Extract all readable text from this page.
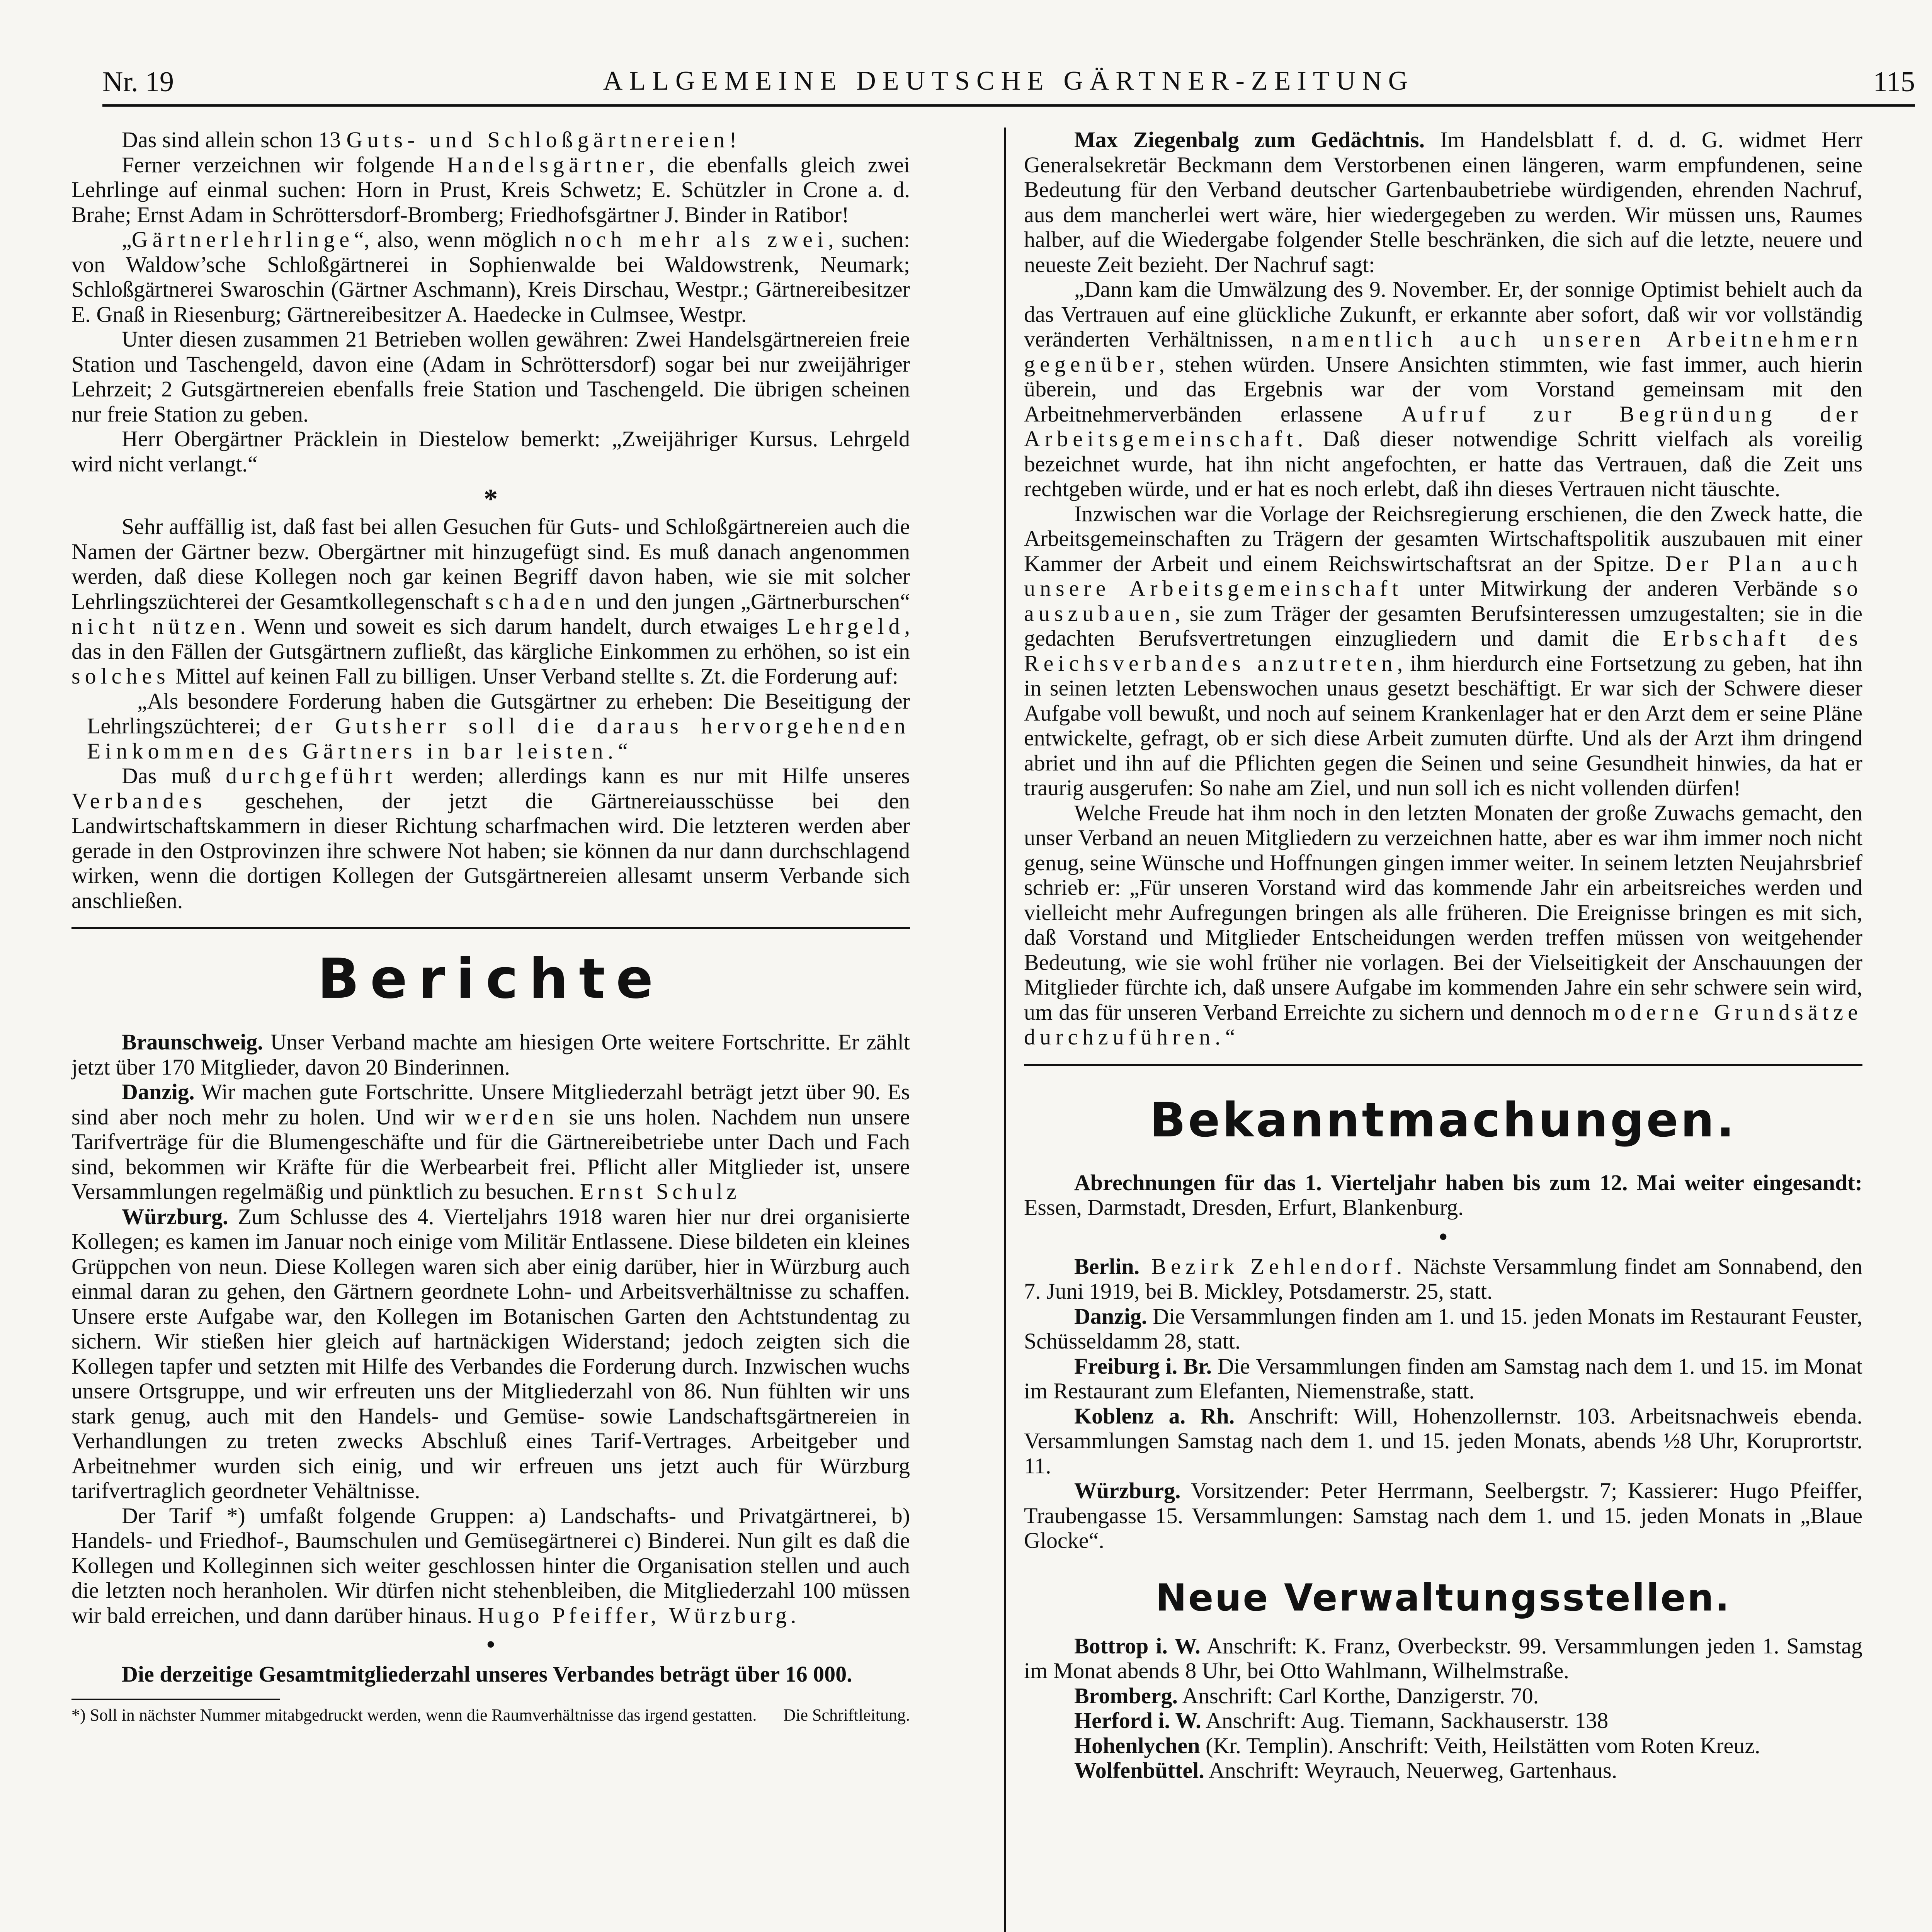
Nr. 19	ALLGEMEINE DEUTSCHE GÄRTNER-ZEITUNG	115

Das sind allein schon 13 Guts- und Schloßgärtnereien!

Ferner verzeichnen wir folgende Handelsgärtner, die ebenfalls gleich zwei Lehrlinge auf einmal suchen: Horn in Prust, Kreis Schwetz; E. Schützler in Crone a. d. Brahe; Ernst Adam in Schröttersdorf-Bromberg; Friedhofsgärtner J. Binder in Ratibor!

„Gärtnerlehrlinge“, also, wenn möglich noch mehr als zwei, suchen: von Waldow’sche Schloßgärtnerei in Sophienwalde bei Waldowstrenk, Neumark; Schloßgärtnerei Swaroschin (Gärtner Aschmann), Kreis Dirschau, Westpr.; Gärtnereibesitzer E. Gnaß in Riesenburg; Gärtnereibesitzer A. Haedecke in Culmsee, Westpr.

Unter diesen zusammen 21 Betrieben wollen gewähren: Zwei Handelsgärtnereien freie Station und Taschengeld, davon eine (Adam in Schröttersdorf) sogar bei nur zweijähriger Lehrzeit; 2 Gutsgärtnereien ebenfalls freie Station und Taschengeld. Die übrigen scheinen nur freie Station zu geben.

Herr Obergärtner Präcklein in Diestelow bemerkt: „Zweijähriger Kursus. Lehrgeld wird nicht verlangt.“

*

Sehr auffällig ist, daß fast bei allen Gesuchen für Guts- und Schloßgärtnereien auch die Namen der Gärtner bezw. Obergärtner mit hinzugefügt sind. Es muß danach angenommen werden, daß diese Kollegen noch gar keinen Begriff davon haben, wie sie mit solcher Lehrlingszüchterei der Gesamtkollegenschaft schaden und den jungen „Gärtnerburschen“ nicht nützen. Wenn und soweit es sich darum handelt, durch etwaiges Lehrgeld, das in den Fällen der Gutsgärtnern zufließt, das kärgliche Einkommen zu erhöhen, so ist ein solches Mittel auf keinen Fall zu billigen. Unser Verband stellte s. Zt. die Forderung auf:

„Als besondere Forderung haben die Gutsgärtner zu erheben: Die Beseitigung der Lehrlingszüchterei; der Gutsherr soll die daraus hervorgehenden Einkommen des Gärtners in bar leisten.“

Das muß durchgeführt werden; allerdings kann es nur mit Hilfe unseres Verbandes geschehen, der jetzt die Gärtnereiausschüsse bei den Landwirtschaftskammern in dieser Richtung scharfmachen wird. Die letzteren werden aber gerade in den Ostprovinzen ihre schwere Not haben; sie können da nur dann durchschlagend wirken, wenn die dortigen Kollegen der Gutsgärtnereien allesamt unserm Verbande sich anschließen.

Berichte

Braunschweig. Unser Verband machte am hiesigen Orte weitere Fortschritte. Er zählt jetzt über 170 Mitglieder, davon 20 Binderinnen.

Danzig. Wir machen gute Fortschritte. Unsere Mitgliederzahl beträgt jetzt über 90. Es sind aber noch mehr zu holen. Und wir werden sie uns holen. Nachdem nun unsere Tarifverträge für die Blumengeschäfte und für die Gärtnereibetriebe unter Dach und Fach sind, bekommen wir Kräfte für die Werbearbeit frei. Pflicht aller Mitglieder ist, unsere Versammlungen regelmäßig und pünktlich zu besuchen. Ernst Schulz

Würzburg. Zum Schlusse des 4. Vierteljahrs 1918 waren hier nur drei organisierte Kollegen; es kamen im Januar noch einige vom Militär Entlassene. Diese bildeten ein kleines Grüppchen von neun. Diese Kollegen waren sich aber einig darüber, hier in Würzburg auch einmal daran zu gehen, den Gärtnern geordnete Lohn- und Arbeitsverhältnisse zu schaffen. Unsere erste Aufgabe war, den Kollegen im Botanischen Garten den Achtstundentag zu sichern. Wir stießen hier gleich auf hartnäckigen Widerstand; jedoch zeigten sich die Kollegen tapfer und setzten mit Hilfe des Verbandes die Forderung durch. Inzwischen wuchs unsere Ortsgruppe, und wir erfreuten uns der Mitgliederzahl von 86. Nun fühlten wir uns stark genug, auch mit den Handels- und Gemüse- sowie Landschaftsgärtnereien in Verhandlungen zu treten zwecks Abschluß eines Tarif-Vertrages. Arbeitgeber und Arbeitnehmer wurden sich einig, und wir erfreuen uns jetzt auch für Würzburg tarifvertraglich geordneter Vehältnisse.

Der Tarif *) umfaßt folgende Gruppen: a) Landschafts- und Privatgärtnerei, b) Handels- und Friedhof-, Baumschulen und Gemüsegärtnerei c) Binderei. Nun gilt es daß die Kollegen und Kolleginnen sich weiter geschlossen hinter die Organisation stellen und auch die letzten noch heranholen. Wir dürfen nicht stehenbleiben, die Mitgliederzahl 100 müssen wir bald erreichen, und dann darüber hinaus. Hugo Pfeiffer, Würzburg.

•

Die derzeitige Gesamtmitgliederzahl unseres Verbandes beträgt über 16 000.

*) Soll in nächster Nummer mitabgedruckt werden, wenn die Raumverhältnisse das irgend gestatten. Die Schriftleitung.

Max Ziegenbalg zum Gedächtnis. Im Handelsblatt f. d. d. G. widmet Herr Generalsekretär Beckmann dem Verstorbenen einen längeren, warm empfundenen, seine Bedeutung für den Verband deutscher Gartenbaubetriebe würdigenden, ehrenden Nachruf, aus dem mancherlei wert wäre, hier wiedergegeben zu werden. Wir müssen uns, Raumes halber, auf die Wiedergabe folgender Stelle beschränken, die sich auf die letzte, neuere und neueste Zeit bezieht. Der Nachruf sagt:

„Dann kam die Umwälzung des 9. November. Er, der sonnige Optimist behielt auch da das Vertrauen auf eine glückliche Zukunft, er erkannte aber sofort, daß wir vor vollständig veränderten Verhältnissen, namentlich auch unseren Arbeitnehmern gegenüber, stehen würden. Unsere Ansichten stimmten, wie fast immer, auch hierin überein, und das Ergebnis war der vom Vorstand gemeinsam mit den Arbeitnehmerverbänden erlassene Aufruf zur Begründung der Arbeitsgemeinschaft. Daß dieser notwendige Schritt vielfach als voreilig bezeichnet wurde, hat ihn nicht angefochten, er hatte das Vertrauen, daß die Zeit uns rechtgeben würde, und er hat es noch erlebt, daß ihn dieses Vertrauen nicht täuschte.

Inzwischen war die Vorlage der Reichsregierung erschienen, die den Zweck hatte, die Arbeitsgemeinschaften zu Trägern der gesamten Wirtschaftspolitik auszubauen mit einer Kammer der Arbeit und einem Reichswirtschaftsrat an der Spitze. Der Plan auch unsere Arbeitsgemeinschaft unter Mitwirkung der anderen Verbände so auszubauen, sie zum Träger der gesamten Berufsinteressen umzugestalten; sie in die gedachten Berufsvertretungen einzugliedern und damit die Erbschaft des Reichsverbandes anzutreten, ihm hierdurch eine Fortsetzung zu geben, hat ihn in seinen letzten Lebenswochen unaus gesetzt beschäftigt. Er war sich der Schwere dieser Aufgabe voll bewußt, und noch auf seinem Krankenlager hat er den Arzt dem er seine Pläne entwickelte, gefragt, ob er sich diese Arbeit zumuten dürfte. Und als der Arzt ihm dringend abriet und ihn auf die Pflichten gegen die Seinen und seine Gesundheit hinwies, da hat er traurig ausgerufen: So nahe am Ziel, und nun soll ich es nicht vollenden dürfen!

Welche Freude hat ihm noch in den letzten Monaten der große Zuwachs gemacht, den unser Verband an neuen Mitgliedern zu verzeichnen hatte, aber es war ihm immer noch nicht genug, seine Wünsche und Hoffnungen gingen immer weiter. In seinem letzten Neujahrsbrief schrieb er: „Für unseren Vorstand wird das kommende Jahr ein arbeitsreiches werden und vielleicht mehr Aufregungen bringen als alle früheren. Die Ereignisse bringen es mit sich, daß Vorstand und Mitglieder Entscheidungen werden treffen müssen von weitgehender Bedeutung, wie sie wohl früher nie vorlagen. Bei der Vielseitigkeit der Anschauungen der Mitglieder fürchte ich, daß unsere Aufgabe im kommenden Jahre ein sehr schwere sein wird, um das für unseren Verband Erreichte zu sichern und dennoch moderne Grundsätze durchzuführen.“

Bekanntmachungen.

Abrechnungen für das 1. Vierteljahr haben bis zum 12. Mai weiter eingesandt: Essen, Darmstadt, Dresden, Erfurt, Blankenburg.

•

Berlin. Bezirk Zehlendorf. Nächste Versammlung findet am Sonnabend, den 7. Juni 1919, bei B. Mickley, Potsdamerstr. 25, statt.

Danzig. Die Versammlungen finden am 1. und 15. jeden Monats im Restaurant Feuster, Schüsseldamm 28, statt.

Freiburg i. Br. Die Versammlungen finden am Samstag nach dem 1. und 15. im Monat im Restaurant zum Elefanten, Niemenstraße, statt.

Koblenz a. Rh. Anschrift: Will, Hohenzollernstr. 103. Arbeitsnachweis ebenda. Versammlungen Samstag nach dem 1. und 15. jeden Monats, abends ½8 Uhr, Koruprortstr. 11.

Würzburg. Vorsitzender: Peter Herrmann, Seelbergstr. 7; Kassierer: Hugo Pfeiffer, Traubengasse 15. Versammlungen: Samstag nach dem 1. und 15. jeden Monats in „Blaue Glocke“.

Neue Verwaltungsstellen.

Bottrop i. W. Anschrift: K. Franz, Overbeckstr. 99. Versammlungen jeden 1. Samstag im Monat abends 8 Uhr, bei Otto Wahlmann, Wilhelmstraße.

Bromberg. Anschrift: Carl Korthe, Danzigerstr. 70.

Herford i. W. Anschrift: Aug. Tiemann, Sackhauserstr. 138

Hohenlychen (Kr. Templin). Anschrift: Veith, Heilstätten vom Roten Kreuz.

Wolfenbüttel. Anschrift: Weyrauch, Neuerweg, Gartenhaus.
